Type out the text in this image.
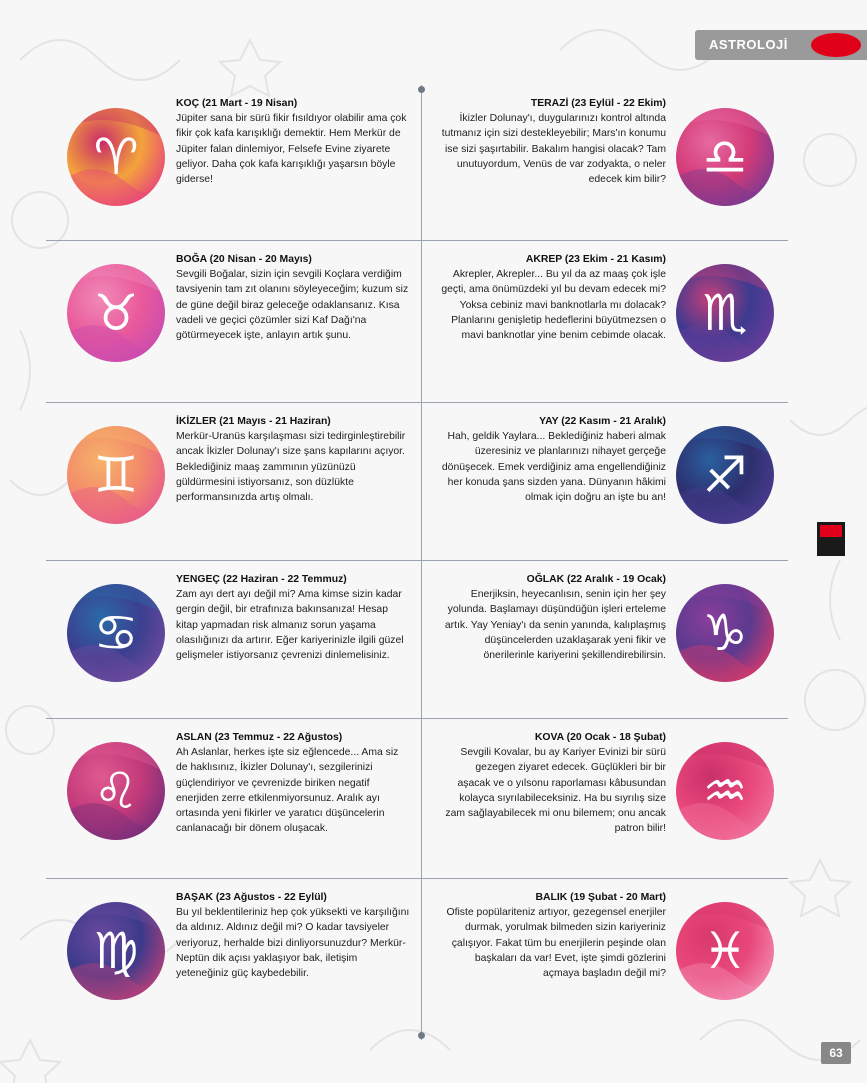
ASTROLOJİ
63
♈
KOÇ (21 Mart - 19 Nisan)

Jüpiter sana bir sürü fikir fısıldıyor olabilir ama çok fikir çok kafa karışıklığı demektir. Hem Merkür de Jüpiter falan dinlemiyor, Felsefe Evine ziyarete geliyor. Daha çok kafa karışıklığı yaşarsın böyle giderse!	♎
TERAZİ (23 Eylül - 22 Ekim)

İkizler Dolunay'ı, duygularınızı kontrol altında tutmanız için sizi destekleyebilir; Mars'ın konumu ise sizi şaşırtabilir. Bakalım hangisi olacak? Tam unutuyordum, Venüs de var zodyakta, o neler edecek kim bilir?

♉
BOĞA (20 Nisan - 20 Mayıs)

Sevgili Boğalar, sizin için sevgili Koçlara verdiğim tavsiyenin tam zıt olanını söyleyeceğim; kuzum siz de güne değil biraz geleceğe odaklansanız. Kısa vadeli ve geçici çözümler sizi Kaf Dağı'na götürmeyecek işte, anlayın artık şunu.	♏
AKREP (23 Ekim - 21 Kasım)

Akrepler, Akrepler... Bu yıl da az maaş çok işle geçti, ama önümüzdeki yıl bu devam edecek mi? Yoksa cebiniz mavi banknotlarla mı dolacak? Planlarını genişletip hedeflerini büyütmezsen o mavi banknotlar yine benim cebimde olacak.

♊
İKİZLER (21 Mayıs - 21 Haziran)

Merkür-Uranüs karşılaşması sizi tedirginleştirebilir ancak İkizler Dolunay'ı size şans kapılarını açıyor. Beklediğiniz maaş zammının yüzünüzü güldürmesini istiyorsanız, son düzlükte performansınızda artış olmalı.	♐
YAY (22 Kasım - 21 Aralık)

Hah, geldik Yaylara... Beklediğiniz haberi almak üzeresiniz ve planlarınızı nihayet gerçeğe dönüşecek. Emek verdiğiniz ama engellendiğiniz her konuda şans sizden yana. Dünyanın hâkimi olmak için doğru an işte bu an!

♋
YENGEÇ (22 Haziran - 22 Temmuz)

Zam ayı dert ayı değil mi? Ama kimse sizin kadar gergin değil, bir etrafınıza bakınsanıza! Hesap kitap yapmadan risk almanız sorun yaşama olasılığınızı da artırır. Eğer kariyerinizle ilgili güzel gelişmeler istiyorsanız çevrenizi dinlemelisiniz.	♑
OĞLAK (22 Aralık - 19 Ocak)

Enerjiksin, heyecanlısın, senin için her şey yolunda. Başlamayı düşündüğün işleri erteleme artık. Yay Yeniay'ı da senin yanında, kalıplaşmış düşüncelerden uzaklaşarak yeni fikir ve önerilerinle kariyerini şekillendirebilirsin.

♌
ASLAN (23 Temmuz - 22 Ağustos)

Ah Aslanlar, herkes işte siz eğlencede... Ama siz de haklısınız, İkizler Dolunay'ı, sezgilerinizi güçlendiriyor ve çevrenizde biriken negatif enerjiden zerre etkilenmiyorsunuz. Aralık ayı ortasında yeni fikirler ve yaratıcı düşüncelerin canlanacağı bir dönem oluşacak.

♒
KOVA (20 Ocak - 18 Şubat)

Sevgili Kovalar, bu ay Kariyer Evinizi bir sürü gezegen ziyaret edecek. Güçlükleri bir bir aşacak ve o yılsonu raporlaması kâbusundan kolayca sıyrılabileceksiniz. Ha bu sıyrılış size zam sağlayabilecek mi onu bilemem; onu ancak patron bilir!

♍
BAŞAK (23 Ağustos - 22 Eylül)

Bu yıl beklentileriniz hep çok yüksekti ve karşılığını da aldınız. Aldınız değil mi? O kadar tavsiyeler veriyoruz, herhalde bizi dinliyorsunuzdur? Merkür-Neptün dik açısı yaklaşıyor bak, iletişim yeteneğiniz güç kaybedebilir.	♓
BALIK (19 Şubat - 20 Mart)

Ofiste popülariteniz artıyor, gezegensel enerjiler durmak, yorulmak bilmeden sizin kariyeriniz çalışıyor. Fakat tüm bu enerjilerin peşinde olan başkaları da var! Evet, işte şimdi gözlerini açmaya başladın değil mi?
